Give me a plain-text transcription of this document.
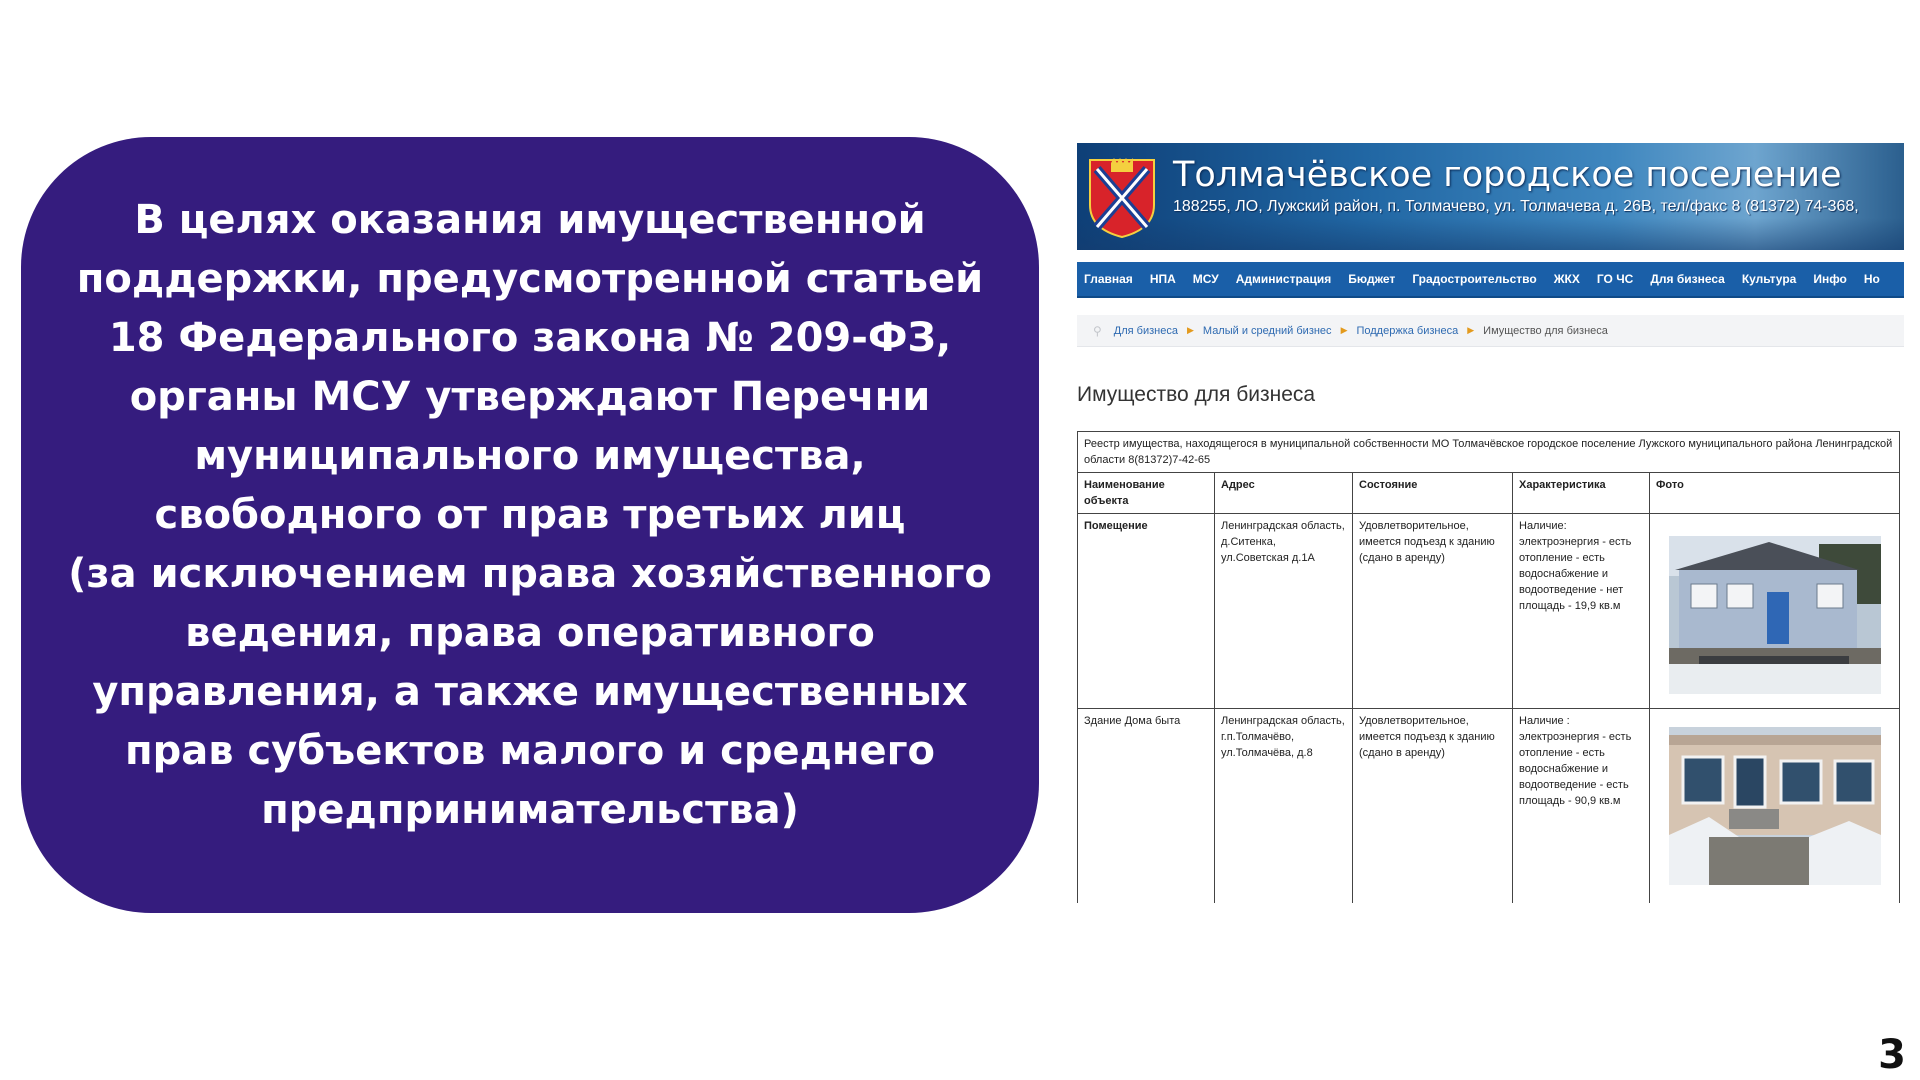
В целях оказания имущественной
поддержки, предусмотренной статьей
18 Федерального закона № 209-ФЗ,
органы МСУ утверждают Перечни
муниципального имущества,
свободного от прав третьих лиц
(за исключением права хозяйственного
ведения, права оперативного
управления, а также имущественных
прав субъектов малого и среднего
предпринимательства)
Толмачёвское городское поселение
188255, ЛО, Лужский район, п. Толмачево, ул. Толмачева д. 26В, тел/факс 8 (81372) 74-368,
Главная НПА МСУ Администрация Бюджет Градостроительство ЖКХ ГО ЧС Для бизнеса Культура Инфо Но
⚲ Для бизнеса ▶ Малый и средний бизнес ▶ Поддержка бизнеса ▶ Имущество для бизнеса
Имущество для бизнеса
Реестр имущества, находящегося в муниципальной собственности МО Толмачёвское городское поселение Лужского муниципального района Ленинградской области 8(81372)7-42-65				
Наименование объекта	Адрес	Состояние	Характеристика	Фото
Помещение	Ленинградская область, д.Ситенка, ул.Советская д.1А	Удовлетворительное, имеется подъезд к зданию (сдано в аренду)	Наличие: электроэнергия - есть отопление - есть водоснабжение и водоотведение - нет площадь - 19,9 кв.м	

Здание Дома быта	Ленинградская область, г.п.Толмачёво, ул.Толмачёва, д.8	Удовлетворительное, имеется подъезд к зданию (сдано в аренду)	Наличие : электроэнергия - есть отопление - есть водоснабжение и водоотведение - есть площадь - 90,9 кв.м	
3
